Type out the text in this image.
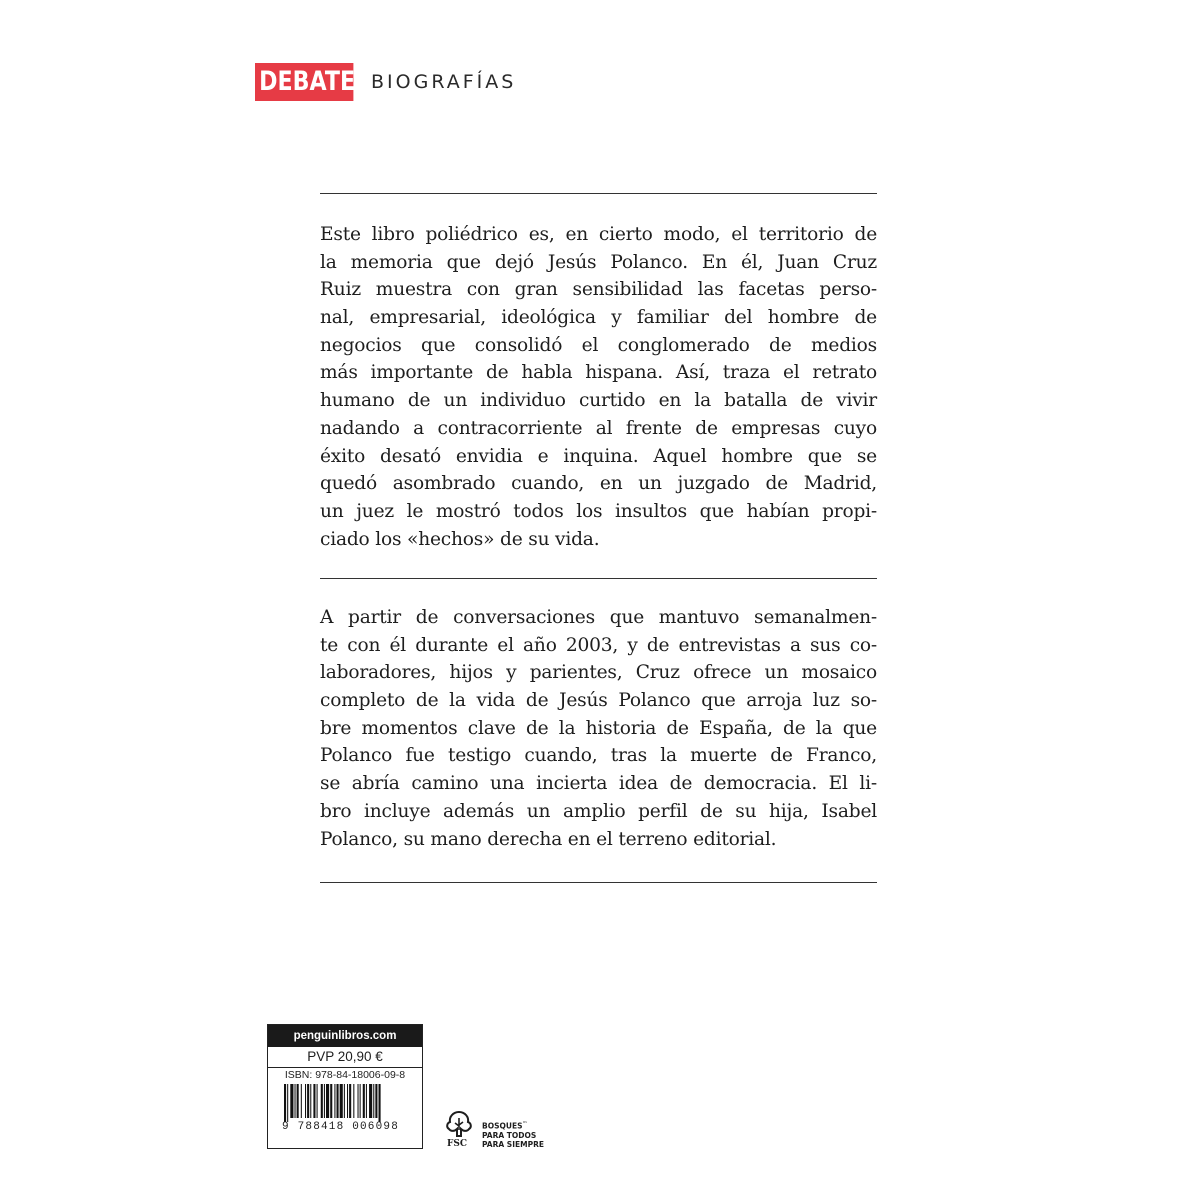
DEBATE BIOGRAFÍAS
Este libro poliédrico es, en cierto modo, el territorio de
la memoria que dejó Jesús Polanco. En él, Juan Cruz
Ruiz muestra con gran sensibilidad las facetas perso-
nal, empresarial, ideológica y familiar del hombre de
negocios que consolidó el conglomerado de medios
más importante de habla hispana. Así, traza el retrato
humano de un individuo curtido en la batalla de vivir
nadando a contracorriente al frente de empresas cuyo
éxito desató envidia e inquina. Aquel hombre que se
quedó asombrado cuando, en un juzgado de Madrid,
un juez le mostró todos los insultos que habían propi-
ciado los «hechos» de su vida.
A partir de conversaciones que mantuvo semanalmen-
te con él durante el año 2003, y de entrevistas a sus co-
laboradores, hijos y parientes, Cruz ofrece un mosaico
completo de la vida de Jesús Polanco que arroja luz so-
bre momentos clave de la historia de España, de la que
Polanco fue testigo cuando, tras la muerte de Franco,
se abría camino una incierta idea de democracia. El li-
bro incluye además un amplio perfil de su hija, Isabel
Polanco, su mano derecha en el terreno editorial.
penguinlibros.com
PVP 20,90 €
ISBN: 978-84-18006-09-8
9 788418 006098
FSC
BOSQUES™
PARA TODOS
PARA SIEMPRE
